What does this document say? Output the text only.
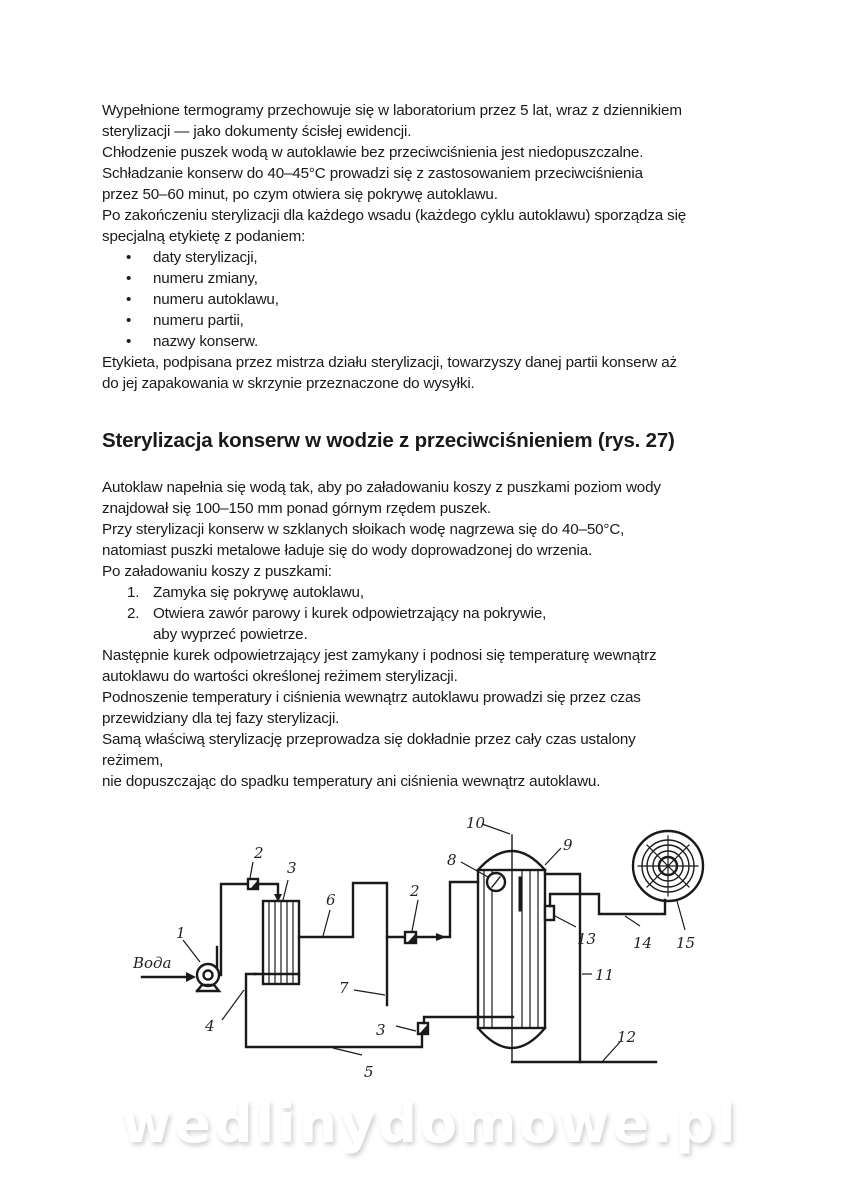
Wypełnione termogramy przechowuje się w laboratorium przez 5 lat, wraz z dziennikiem

sterylizacji — jako dokumenty ścisłej ewidencji.

Chłodzenie puszek wodą w autoklawie bez przeciwciśnienia jest niedopuszczalne.

Schładzanie konserw do 40–45°C prowadzi się z zastosowaniem przeciwciśnienia

przez 50–60 minut, po czym otwiera się pokrywę autoklawu.

Po zakończeniu sterylizacji dla każdego wsadu (każdego cyklu autoklawu) sporządza się

specjalną etykietę z podaniem:

• daty sterylizacji,
• numeru zmiany,
• numeru autoklawu,
• numeru partii,
• nazwy konserw.

Etykieta, podpisana przez mistrza działu sterylizacji, towarzyszy danej partii konserw aż

do jej zapakowania w skrzynie przeznaczone do wysyłki.

Sterylizacja konserw w wodzie z przeciwciśnieniem (rys. 27)

Autoklaw napełnia się wodą tak, aby po załadowaniu koszy z puszkami poziom wody

znajdował się 100–150 mm ponad górnym rzędem puszek.

Przy sterylizacji konserw w szklanych słoikach wodę nagrzewa się do 40–50°C,

natomiast puszki metalowe ładuje się do wody doprowadzonej do wrzenia.

Po załadowaniu koszy z puszkami:

1. Zamyka się pokrywę autoklawu,
2. Otwiera zawór parowy i kurek odpowietrzający na pokrywie,
aby wyprzeć powietrze.

Następnie kurek odpowietrzający jest zamykany i podnosi się temperaturę wewnątrz

autoklawu do wartości określonej reżimem sterylizacji.

Podnoszenie temperatury i ciśnienia wewnątrz autoklawu prowadzi się przez czas

przewidziany dla tej fazy sterylizacji.

Samą właściwą sterylizację przeprowadza się dokładnie przez cały czas ustalony

reżimem,

nie dopuszczając do spadku temperatury ani ciśnienia wewnątrz autoklawu.

Вода
1
2
3
6
4
5
7
2
3
8
10
9
11
12
13 14 15
wedlinydomowe.pl
